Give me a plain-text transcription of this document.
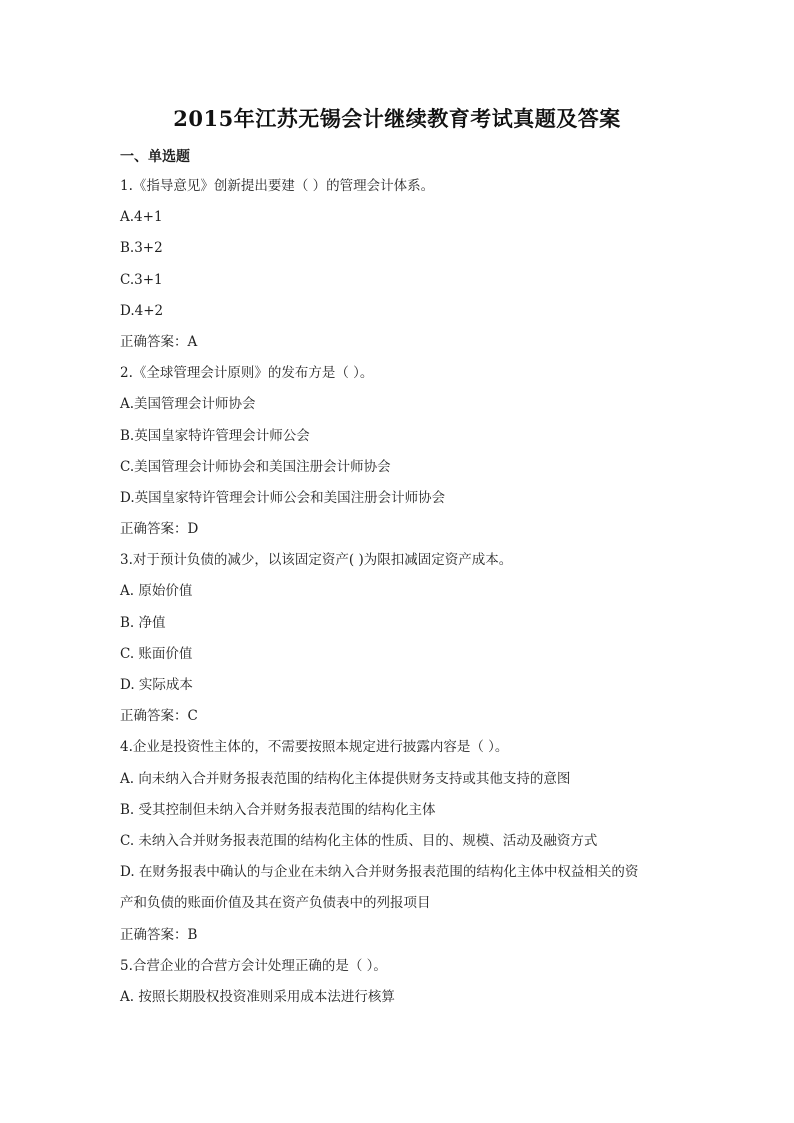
2015年江苏无锡会计继续教育考试真题及答案
一、单选题
1.《指导意见》创新提出要建（ ）的管理会计体系。
A.4+1
B.3+2
C.3+1
D.4+2
正确答案：A
2.《全球管理会计原则》的发布方是（ ）。
A.美国管理会计师协会
B.英国皇家特许管理会计师公会
C.美国管理会计师协会和美国注册会计师协会
D.英国皇家特许管理会计师公会和美国注册会计师协会
正确答案：D
3.对于预计负债的减少，以该固定资产( )为限扣减固定资产成本。
A. 原始价值
B. 净值
C. 账面价值
D. 实际成本
正确答案：C
4.企业是投资性主体的，不需要按照本规定进行披露内容是（ ）。
A. 向未纳入合并财务报表范围的结构化主体提供财务支持或其他支持的意图
B. 受其控制但未纳入合并财务报表范围的结构化主体
C. 未纳入合并财务报表范围的结构化主体的性质、目的、规模、活动及融资方式
D. 在财务报表中确认的与企业在未纳入合并财务报表范围的结构化主体中权益相关的资
产和负债的账面价值及其在资产负债表中的列报项目
正确答案：B
5.合营企业的合营方会计处理正确的是（ ）。
A. 按照长期股权投资准则采用成本法进行核算
